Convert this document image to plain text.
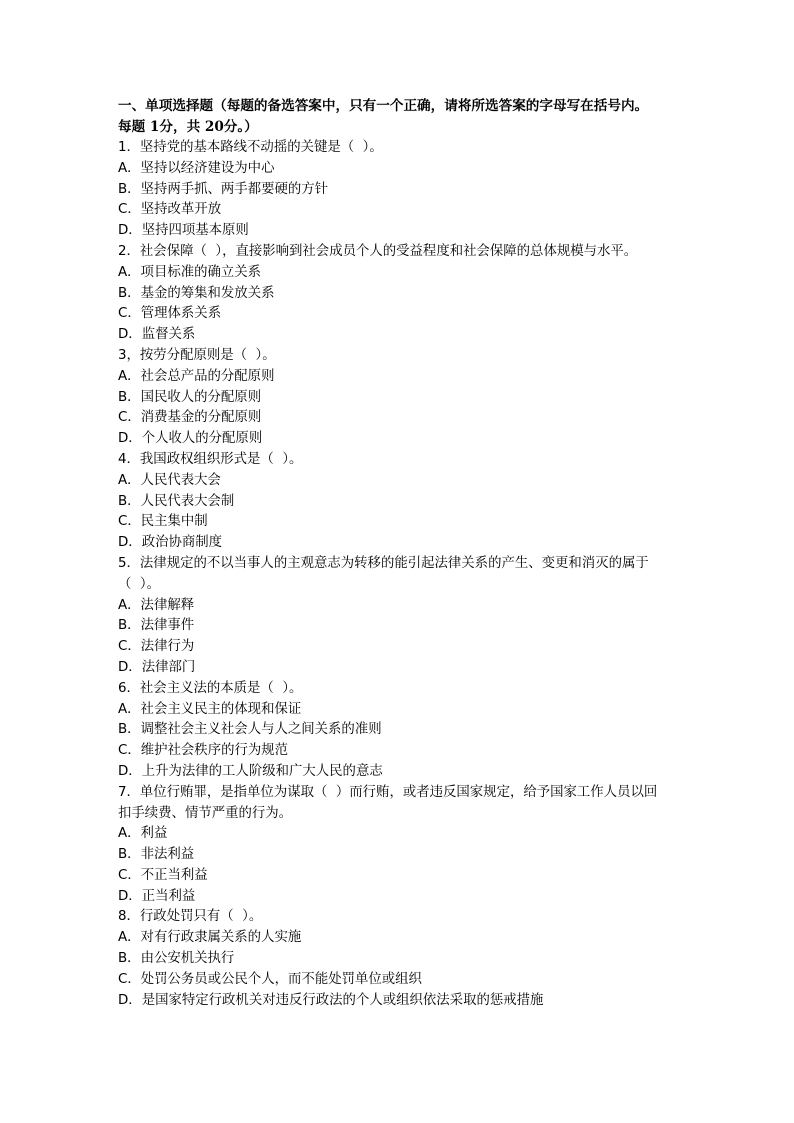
一、单项选择题（每题的备选答案中，只有一个正确，请将所选答案的字母写在括号内。

每题 1分，共 20分。）

1．坚持党的基本路线不动摇的关键是（  ）。

A．坚持以经济建设为中心

B．坚持两手抓、两手都要硬的方针

C．坚持改革开放

D．坚持四项基本原则

2．社会保障（  ），直接影响到社会成员个人的受益程度和社会保障的总体规模与水平。

A．项目标准的确立关系

B．基金的筹集和发放关系

C．管理体系关系

D．监督关系

3，按劳分配原则是（  ）。

A．社会总产品的分配原则

B．国民收人的分配原则

C．消费基金的分配原则

D．个人收人的分配原则

4．我国政权组织形式是（  ）。

A．人民代表大会

B．人民代表大会制

C．民主集中制

D．政治协商制度

5．法律规定的不以当事人的主观意志为转移的能引起法律关系的产生、变更和消灭的属于

（  ）。

A．法律解释

B．法律事件

C．法律行为

D．法律部门

6．社会主义法的本质是（  ）。

A．社会主义民主的体现和保证

B．调整社会主义社会人与人之间关系的准则

C．维护社会秩序的行为规范

D．上升为法律的工人阶级和广大人民的意志

7．单位行贿罪，是指单位为谋取（  ）而行贿，或者违反国家规定，给予国家工作人员以回

扣手续费、情节严重的行为。

A．利益

B．非法利益

C．不正当利益

D．正当利益

8．行政处罚只有（  ）。

A．对有行政隶属关系的人实施

B．由公安机关执行

C．处罚公务员或公民个人，而不能处罚单位或组织

D．是国家特定行政机关对违反行政法的个人或组织依法采取的惩戒措施
